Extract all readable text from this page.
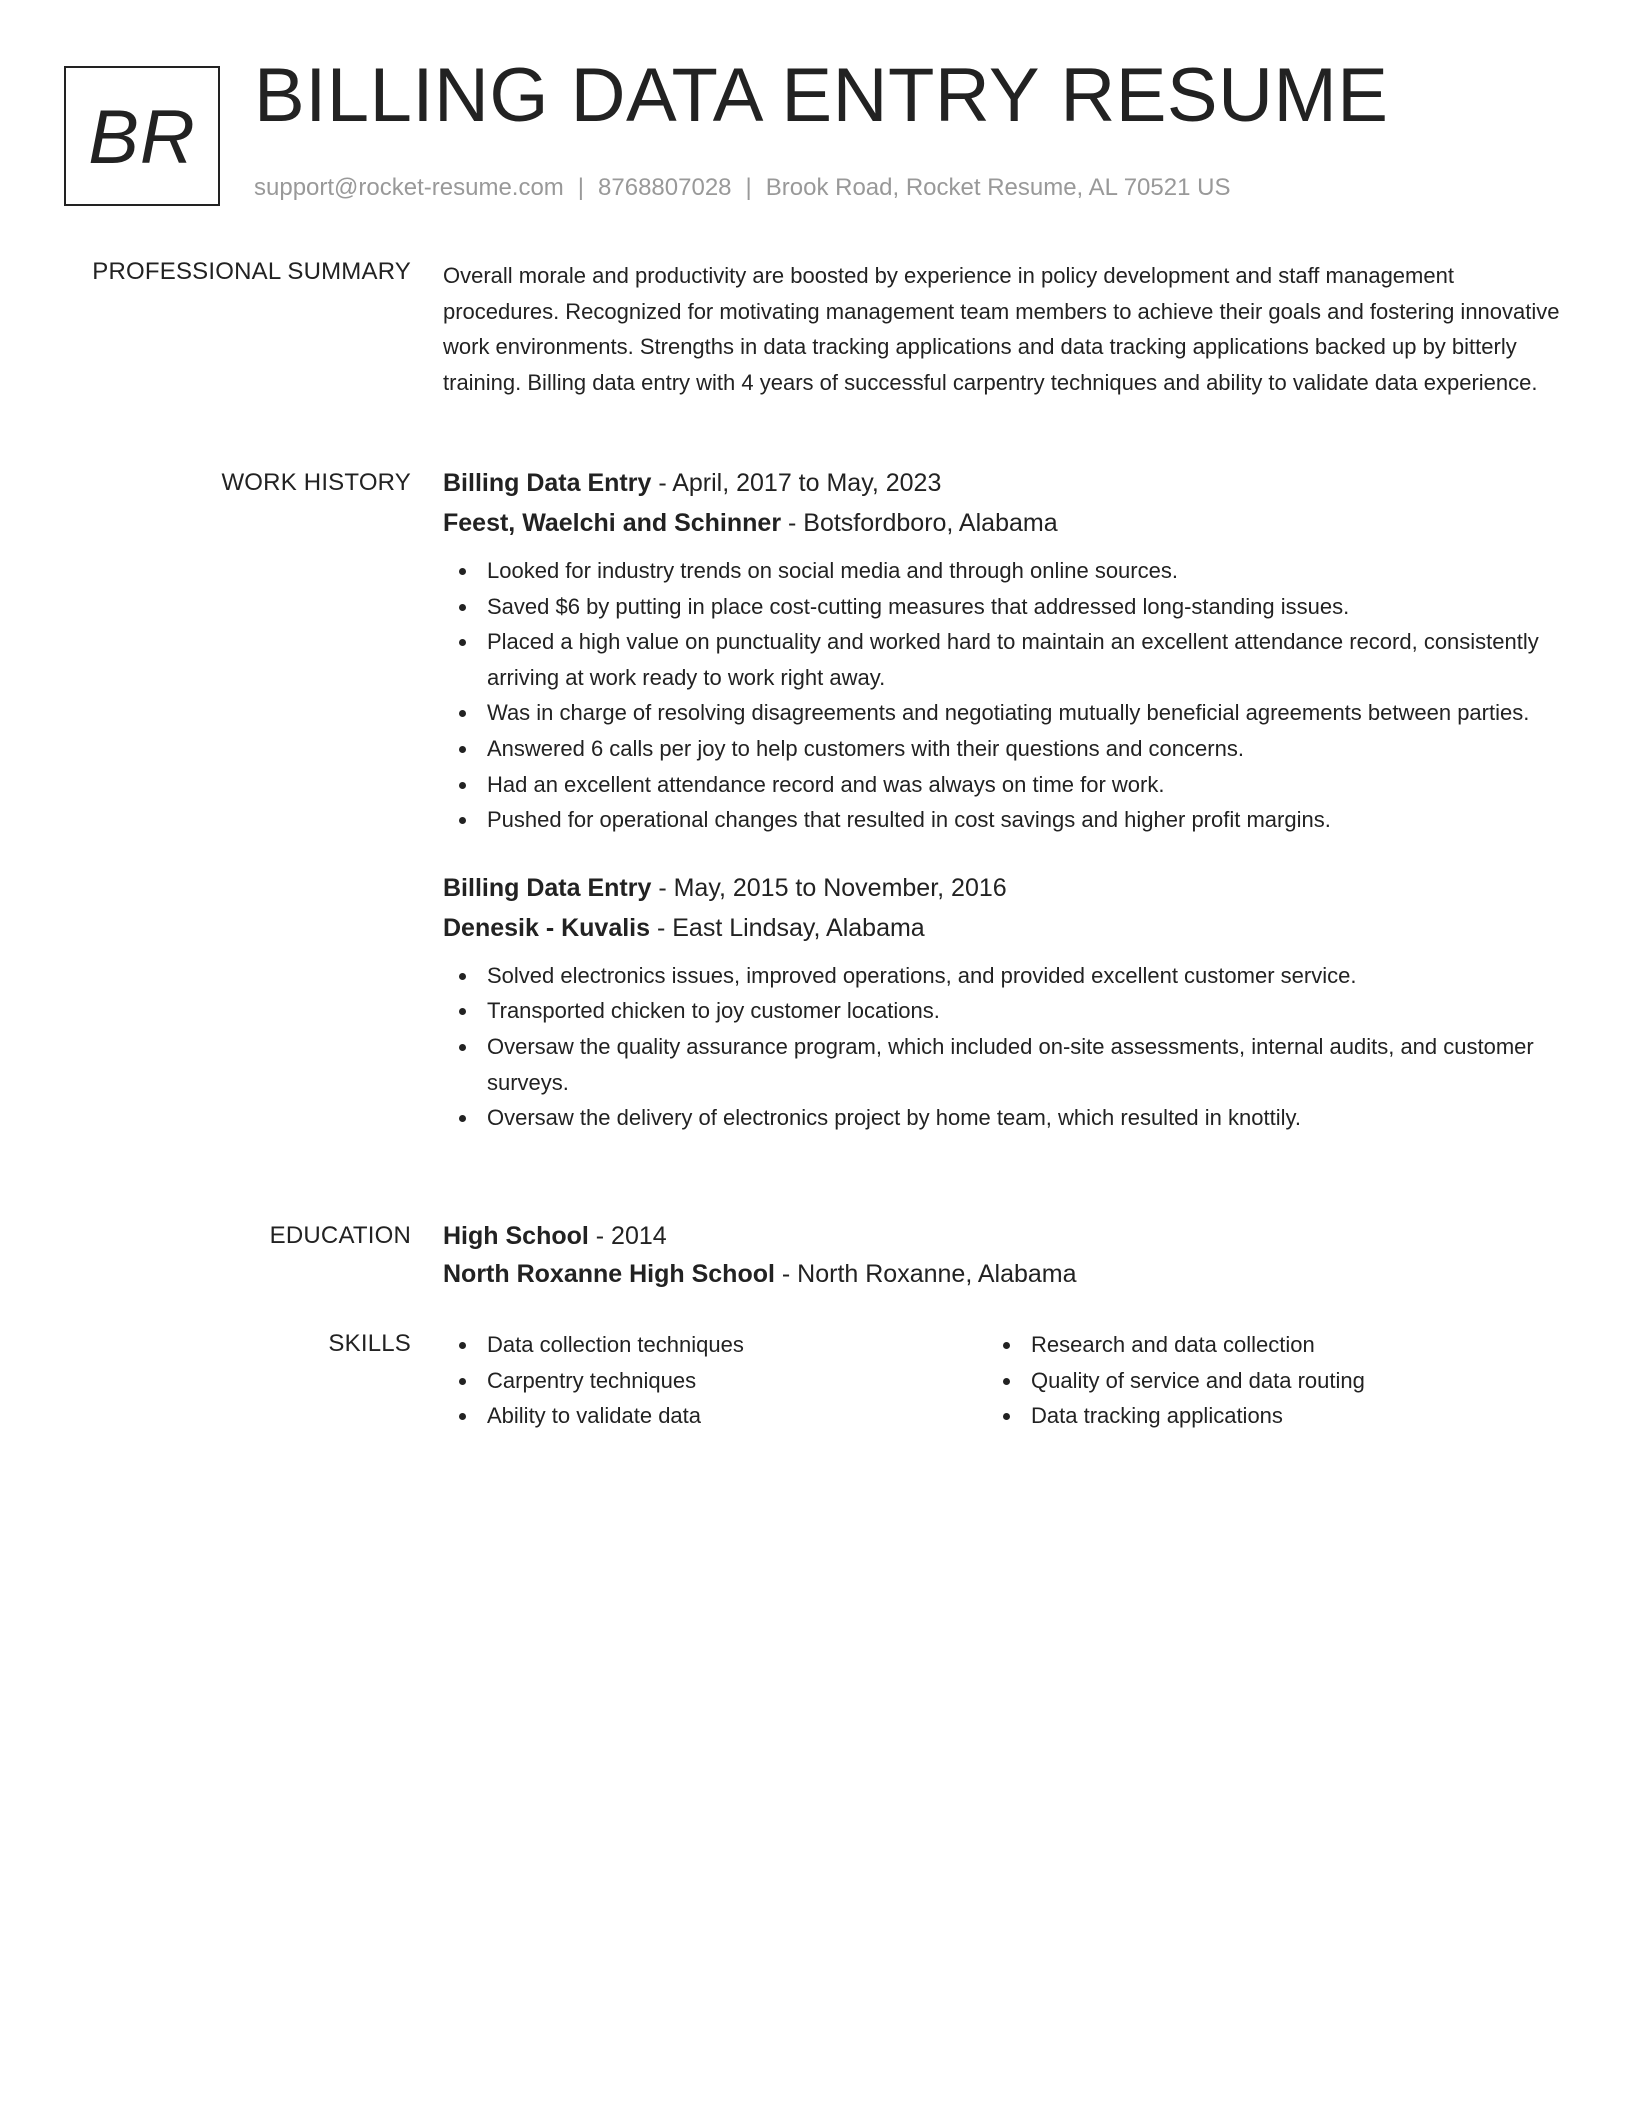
BR BILLING DATA ENTRY RESUME
support@rocket-resume.com | 8768807028 | Brook Road, Rocket Resume, AL 70521 US
PROFESSIONAL SUMMARY Overall morale and productivity are boosted by experience in policy development and staff management procedures. Recognized for motivating management team members to achieve their goals and fostering innovative work environments. Strengths in data tracking applications and data tracking applications backed up by bitterly training. Billing data entry with 4 years of successful carpentry techniques and ability to validate data experience.

WORK HISTORY Billing Data Entry - April, 2017 to May, 2023
Feest, Waelchi and Schinner - Botsfordboro, Alabama
Looked for industry trends on social media and through online sources.
Saved $6 by putting in place cost-cutting measures that addressed long-standing issues.
Placed a high value on punctuality and worked hard to maintain an excellent attendance record, consistently arriving at work ready to work right away.
Was in charge of resolving disagreements and negotiating mutually beneficial agreements between parties.
Answered 6 calls per joy to help customers with their questions and concerns.
Had an excellent attendance record and was always on time for work.
Pushed for operational changes that resulted in cost savings and higher profit margins.
Billing Data Entry - May, 2015 to November, 2016
Denesik - Kuvalis - East Lindsay, Alabama
Solved electronics issues, improved operations, and provided excellent customer service.
Transported chicken to joy customer locations.
Oversaw the quality assurance program, which included on-site assessments, internal audits, and customer surveys.
Oversaw the delivery of electronics project by home team, which resulted in knottily.
EDUCATION High School - 2014
North Roxanne High School - North Roxanne, Alabama
SKILLS	Data collection techniques
Carpentry techniques
Ability to validate data
Research and data collection
Quality of service and data routing
Data tracking applications
